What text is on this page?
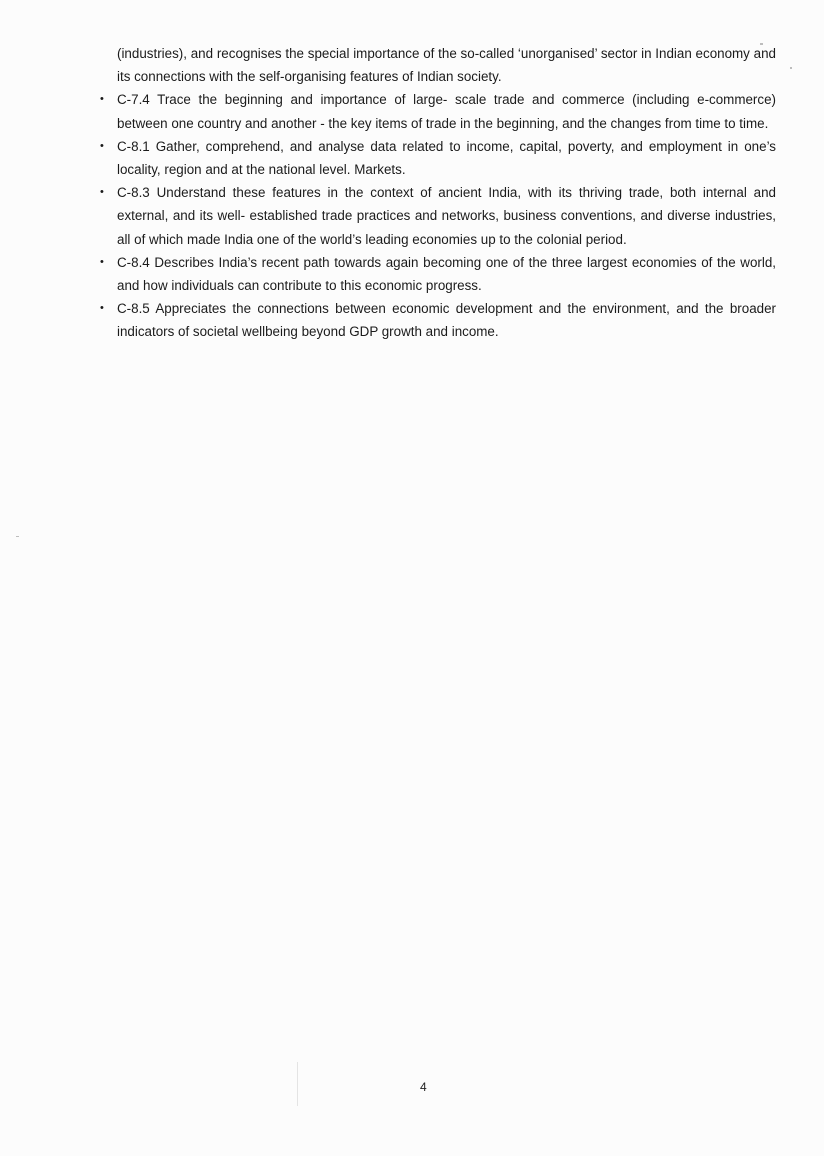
(industries), and recognises the special importance of the so-called ‘unorganised’ sector in Indian economy and its connections with the self-organising features of Indian society.

• C-7.4 Trace the beginning and importance of large- scale trade and commerce (including e-commerce) between one country and another - the key items of trade in the beginning, and the changes from time to time.
• C-8.1 Gather, comprehend, and analyse data related to income, capital, poverty, and employment in one’s locality, region and at the national level. Markets.
• C-8.3 Understand these features in the context of ancient India, with its thriving trade, both internal and external, and its well- established trade practices and networks, business conventions, and diverse industries, all of which made India one of the world’s leading economies up to the colonial period.
• C-8.4 Describes India’s recent path towards again becoming one of the three largest economies of the world, and how individuals can contribute to this economic progress.
• C-8.5 Appreciates the connections between economic development and the environment, and the broader indicators of societal wellbeing beyond GDP growth and income.
4
